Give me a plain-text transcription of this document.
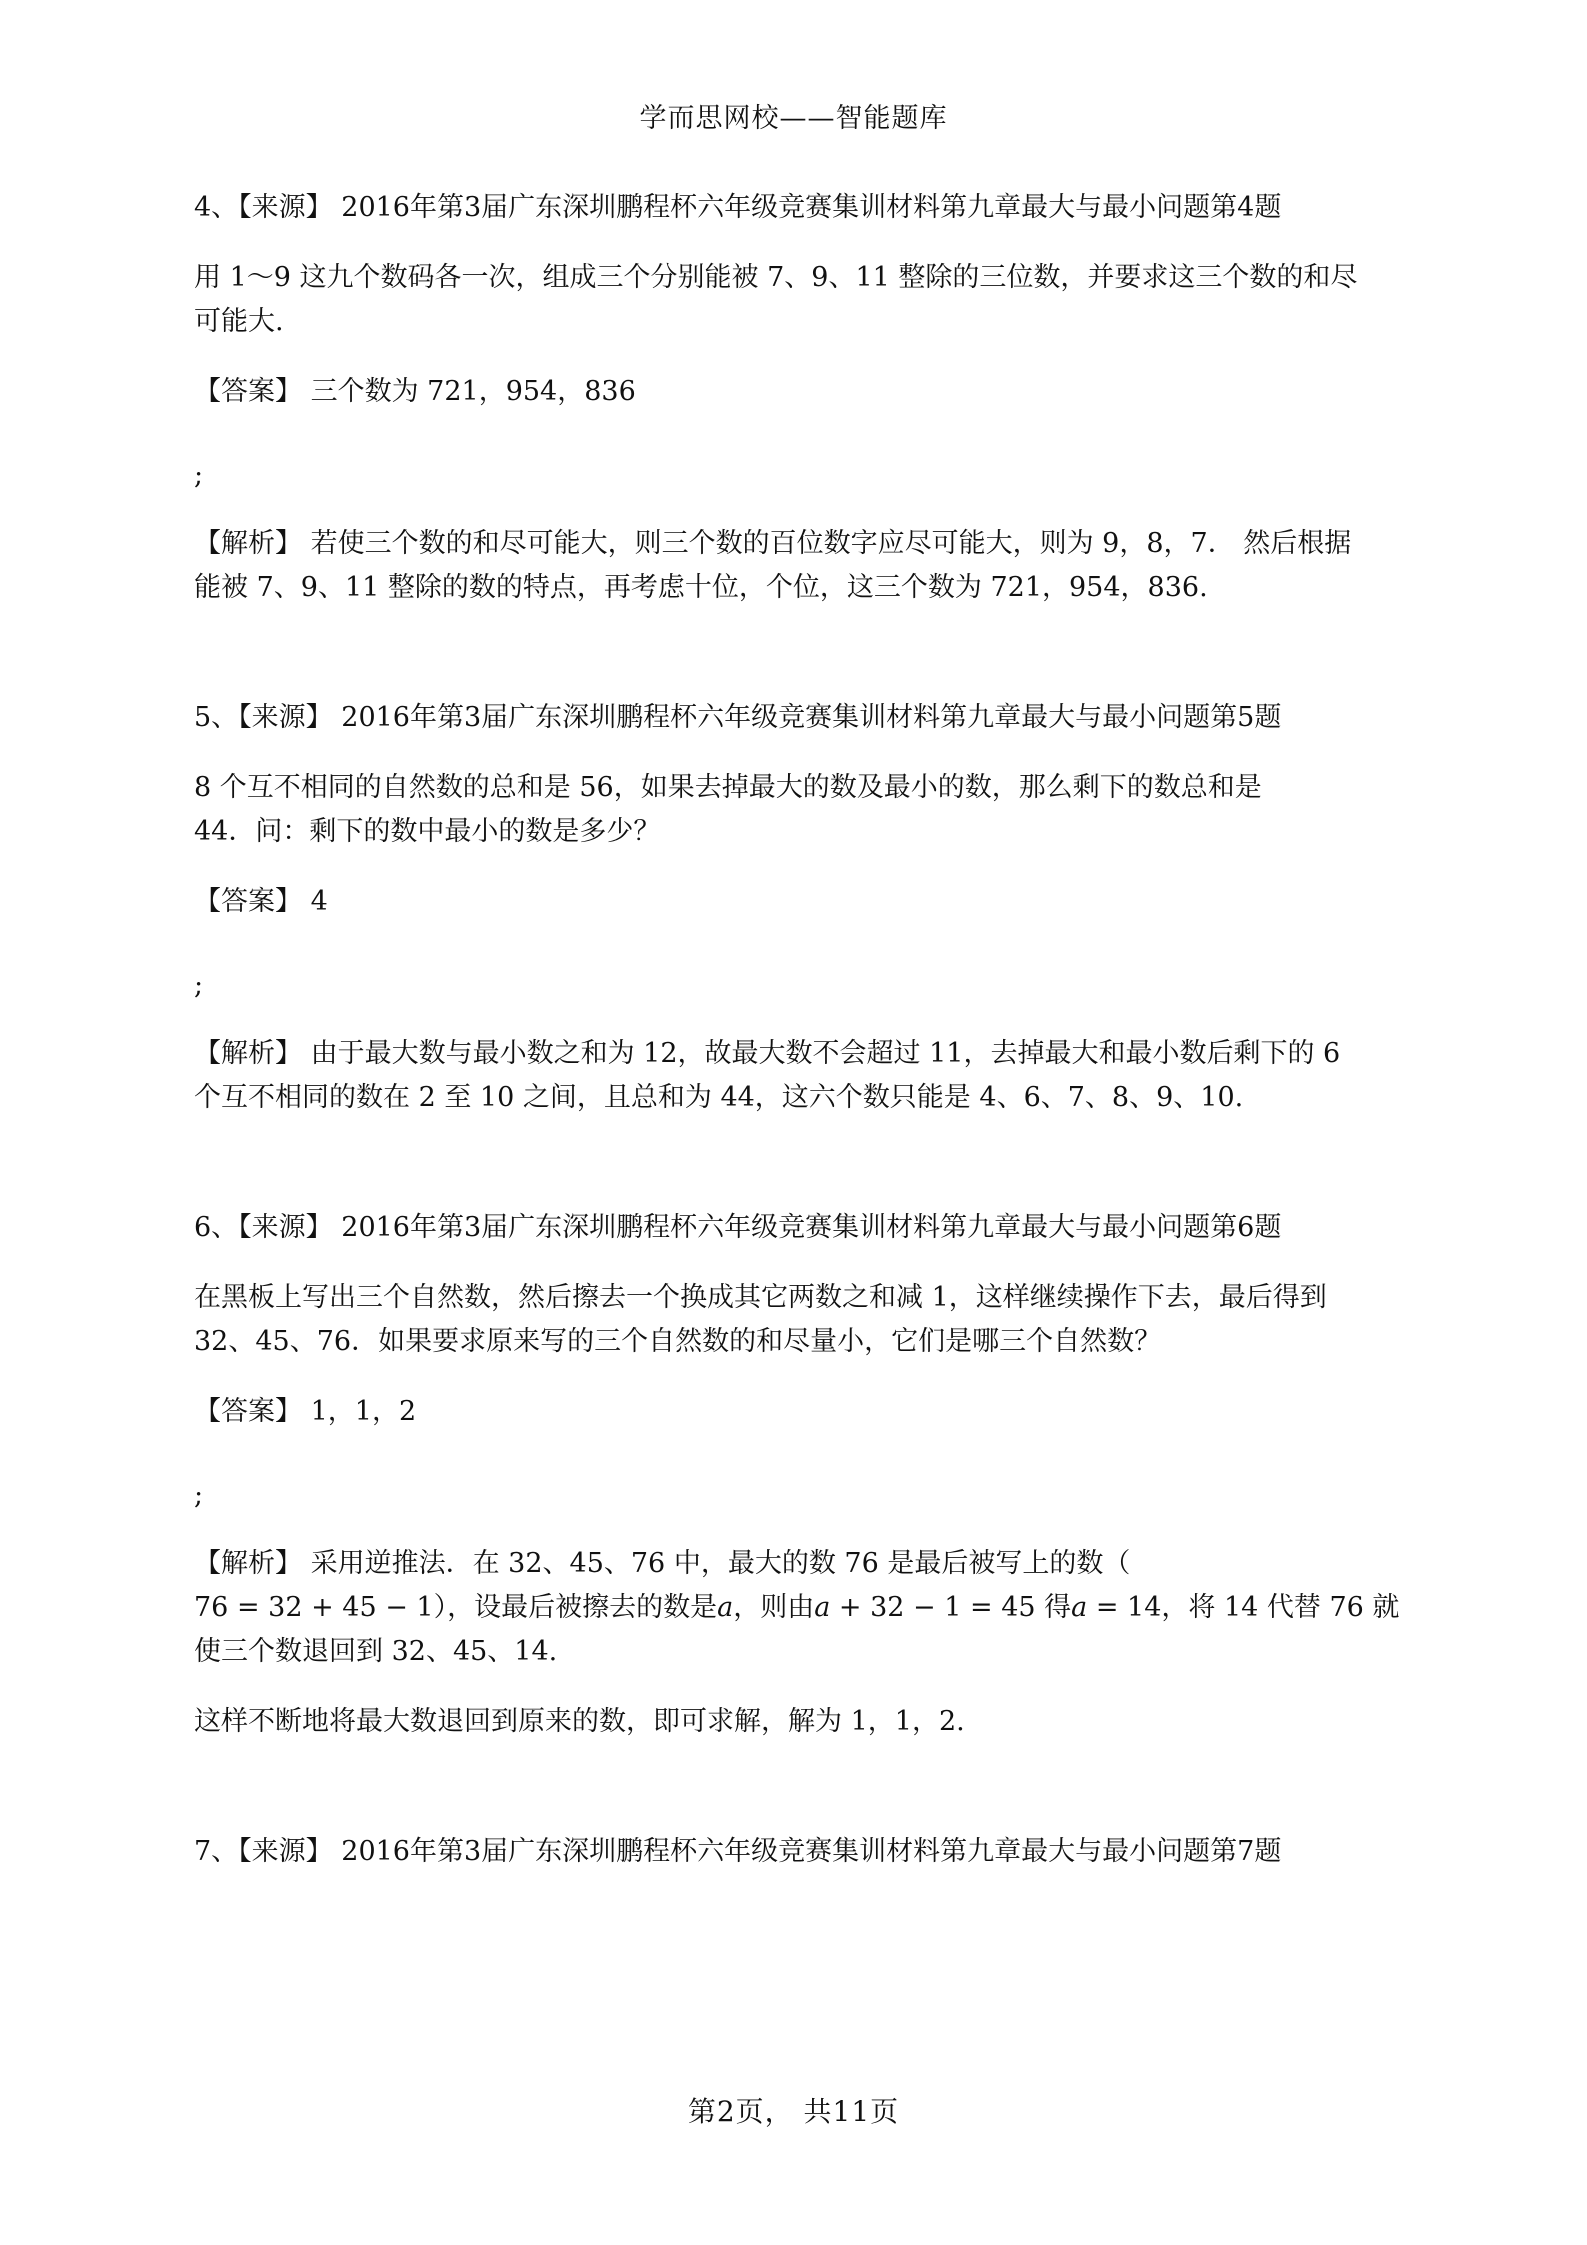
学而思网校——智能题库

4、【来源】 2016年第3届广东深圳鹏程杯六年级竞赛集训材料第九章最大与最小问题第4题

用 1～9 这九个数码各一次，组成三个分别能被 7、9、11 整除的三位数，并要求这三个数的和尽

可能大.

【答案】 三个数为 721，954，836

;

【解析】 若使三个数的和尽可能大，则三个数的百位数字应尽可能大，则为 9，8，7． 然后根据

能被 7、9、11 整除的数的特点，再考虑十位，个位，这三个数为 721，954，836.

5、【来源】 2016年第3届广东深圳鹏程杯六年级竞赛集训材料第九章最大与最小问题第5题

8 个互不相同的自然数的总和是 56，如果去掉最大的数及最小的数，那么剩下的数总和是

44．问：剩下的数中最小的数是多少？

【答案】 4

;

【解析】 由于最大数与最小数之和为 12，故最大数不会超过 11，去掉最大和最小数后剩下的 6

个互不相同的数在 2 至 10 之间，且总和为 44，这六个数只能是 4、6、7、8、9、10.

6、【来源】 2016年第3届广东深圳鹏程杯六年级竞赛集训材料第九章最大与最小问题第6题

在黑板上写出三个自然数，然后擦去一个换成其它两数之和减 1，这样继续操作下去，最后得到

32、45、76．如果要求原来写的三个自然数的和尽量小，它们是哪三个自然数？

【答案】 1，1，2

;

【解析】 采用逆推法．在 32、45、76 中，最大的数 76 是最后被写上的数（

76 = 32 + 45 − 1），设最后被擦去的数是𝑎，则由𝑎 + 32 − 1 = 45 得𝑎 = 14，将 14 代替 76 就

使三个数退回到 32、45、14.

这样不断地将最大数退回到原来的数，即可求解，解为 1，1，2.

7、【来源】 2016年第3届广东深圳鹏程杯六年级竞赛集训材料第九章最大与最小问题第7题

第2页， 共11页
